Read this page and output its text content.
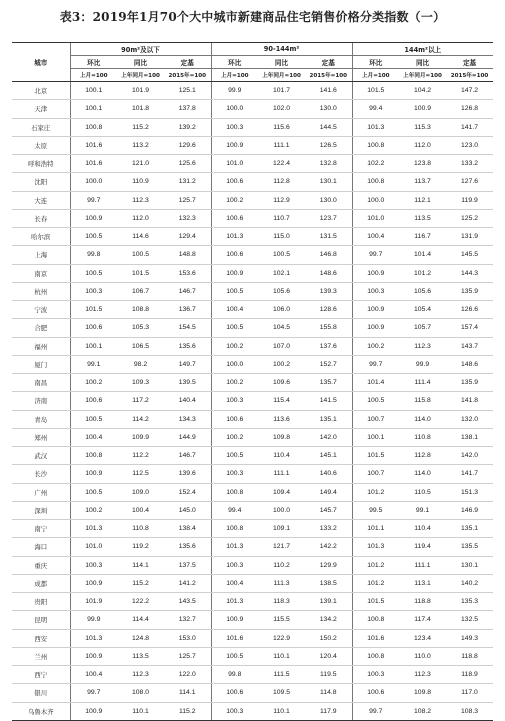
表3：2019年1月70个大中城市新建商品住宅销售价格分类指数（一）
城市	90m²及以下			90-144m²			144m²以上		
	环比	同比	定基	环比	同比	定基	环比	同比	定基
	上月=100	上年同月=100	2015年=100	上月=100	上年同月=100	2015年=100	上月=100	上年同月=100	2015年=100
北京	100.1	101.9	125.1	99.9	101.7	141.6	101.5	104.2	147.2
天津	100.1	101.8	137.8	100.0	102.0	130.0	99.4	100.9	126.8
石家庄	100.8	115.2	139.2	100.3	115.6	144.5	101.3	115.3	141.7
太原	101.6	113.2	129.6	100.9	111.1	126.5	100.8	112.0	123.0
呼和浩特	101.6	121.0	125.6	101.0	122.4	132.8	102.2	123.8	133.2
沈阳	100.0	110.9	131.2	100.6	112.8	130.1	100.8	113.7	127.6
大连	99.7	112.3	125.7	100.2	112.9	130.0	100.0	112.1	119.9
长春	100.9	112.0	132.3	100.6	110.7	123.7	101.0	113.5	125.2
哈尔滨	100.5	114.6	129.4	101.3	115.0	131.5	100.4	116.7	131.9
上海	99.8	100.5	148.8	100.6	100.5	146.8	99.7	101.4	145.5
南京	100.5	101.5	153.6	100.9	102.1	148.6	100.9	101.2	144.3
杭州	100.3	106.7	146.7	100.5	105.6	139.3	100.3	105.6	135.9
宁波	101.5	108.8	136.7	100.4	106.0	128.6	100.9	105.4	126.6
合肥	100.6	105.3	154.5	100.5	104.5	155.8	100.9	105.7	157.4
福州	100.1	106.5	135.6	100.2	107.0	137.6	100.2	112.3	143.7
厦门	99.1	98.2	149.7	100.0	100.2	152.7	99.7	99.9	148.6
南昌	100.2	109.3	139.5	100.2	109.6	135.7	101.4	111.4	135.9
济南	100.6	117.2	140.4	100.3	115.4	141.5	100.5	115.8	141.8
青岛	100.5	114.2	134.3	100.6	113.6	135.1	100.7	114.0	132.0
郑州	100.4	109.9	144.9	100.2	109.8	142.0	100.1	110.8	138.1
武汉	100.8	112.2	146.7	100.5	110.4	145.1	101.5	112.8	142.0
长沙	100.9	112.5	139.6	100.3	111.1	140.6	100.7	114.0	141.7
广州	100.5	109.0	152.4	100.8	109.4	149.4	101.2	110.5	151.3
深圳	100.2	100.4	145.0	99.4	100.0	145.7	99.5	99.1	146.9
南宁	101.3	110.8	138.4	100.8	109.1	133.2	101.1	110.4	135.1
海口	101.0	119.2	135.6	101.3	121.7	142.2	101.3	119.4	135.5
重庆	100.3	114.1	137.5	100.3	110.2	129.9	101.2	111.1	130.1
成都	100.9	115.2	141.2	100.4	111.3	138.5	101.2	113.1	140.2
贵阳	101.9	122.2	143.5	101.3	118.3	139.1	101.5	118.8	135.3
昆明	99.9	114.4	132.7	100.9	115.5	134.2	100.8	117.4	132.5
西安	101.3	124.8	153.0	101.6	122.9	150.2	101.6	123.4	149.3
兰州	100.9	113.5	125.7	100.5	110.1	120.4	100.8	110.0	118.8
西宁	100.4	112.3	122.0	99.8	111.5	119.5	100.3	112.3	118.9
银川	99.7	108.0	114.1	100.6	109.5	114.8	100.6	109.8	117.0
乌鲁木齐	100.9	110.1	115.2	100.3	110.1	117.9	99.7	108.2	108.3
